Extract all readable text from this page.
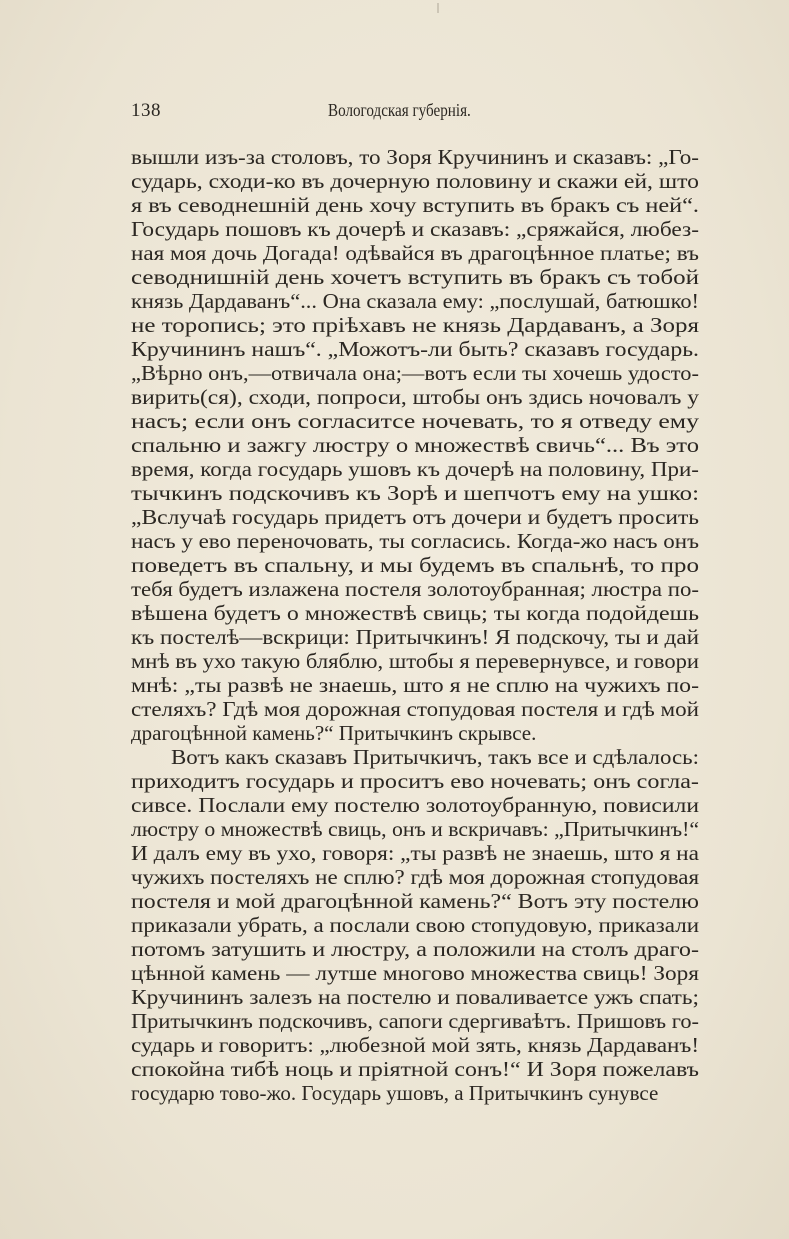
138	Вологодская губернія.
вышли изъ-за столовъ, то Зоря Кручининъ и сказавъ: „Го-
сударь, сходи-ко въ дочерную половину и скажи ей, што
я въ севоднешній день хочу вступить въ бракъ съ ней“.
Государь пошовъ къ дочерѣ и сказавъ: „сряжайся, любез-
ная моя дочь Догада! одѣвайся въ драгоцѣнное платье; въ
севоднишній день хочетъ вступить въ бракъ съ тобой
князь Дардаванъ“... Она сказала ему: „послушай, батюшко!
не торопись; это пріѣхавъ не князь Дардаванъ, а Зоря
Кручининъ нашъ“. „Можотъ-ли быть? сказавъ государь.
„Вѣрно онъ,—отвичала она;—вотъ если ты хочешь удосто-
вирить(ся), сходи, попроси, штобы онъ здись ночовалъ у
насъ; если онъ согласитсе ночевать, то я отведу ему
спальню и зажгу люстру о множествѣ свичь“... Въ это
время, когда государь ушовъ къ дочерѣ на половину, При-
тычкинъ подскочивъ къ Зорѣ и шепчотъ ему на ушко:
„Вслучаѣ государь придетъ отъ дочери и будетъ просить
насъ у ево переночовать, ты согласись. Когда-жо насъ онъ
поведетъ въ спальну, и мы будемъ въ спальнѣ, то про
тебя будетъ излажена постеля золотоубранная; люстра по-
вѣшена будетъ о множествѣ свиць; ты когда подойдешь
къ постелѣ—вскрици: Притычкинъ! Я подскочу, ты и дай
мнѣ въ ухо такую бляблю, штобы я перевернувсе, и говори
мнѣ: „ты развѣ не знаешь, што я не сплю на чужихъ по-
стеляхъ? Гдѣ моя дорожная стопудовая постеля и гдѣ мой
драгоцѣнной камень?“ Притычкинъ скрывсе.
Вотъ какъ сказавъ Притычкичъ, такъ все и сдѣлалось:
приходитъ государь и проситъ ево ночевать; онъ согла-
сивсе. Послали ему постелю золотоубранную, повисили
люстру о множествѣ свиць, онъ и вскричавъ: „Притычкинъ!“
И далъ ему въ ухо, говоря: „ты развѣ не знаешь, што я на
чужихъ постеляхъ не сплю? гдѣ моя дорожная стопудовая
постеля и мой драгоцѣнной камень?“ Вотъ эту постелю
приказали убрать, а послали свою стопудовую, приказали
потомъ затушить и люстру, а положили на столъ драго-
цѣнной камень — лутше многово множества свиць! Зоря
Кручининъ залезъ на постелю и поваливаетсе ужъ спать;
Притычкинъ подскочивъ, сапоги сдергиваѣтъ. Пришовъ го-
сударь и говоритъ: „любезной мой зять, князь Дардаванъ!
спокойна тибѣ ноць и пріятной сонъ!“ И Зоря пожелавъ
государю тово-жо. Государь ушовъ, а Притычкинъ сунувсе
